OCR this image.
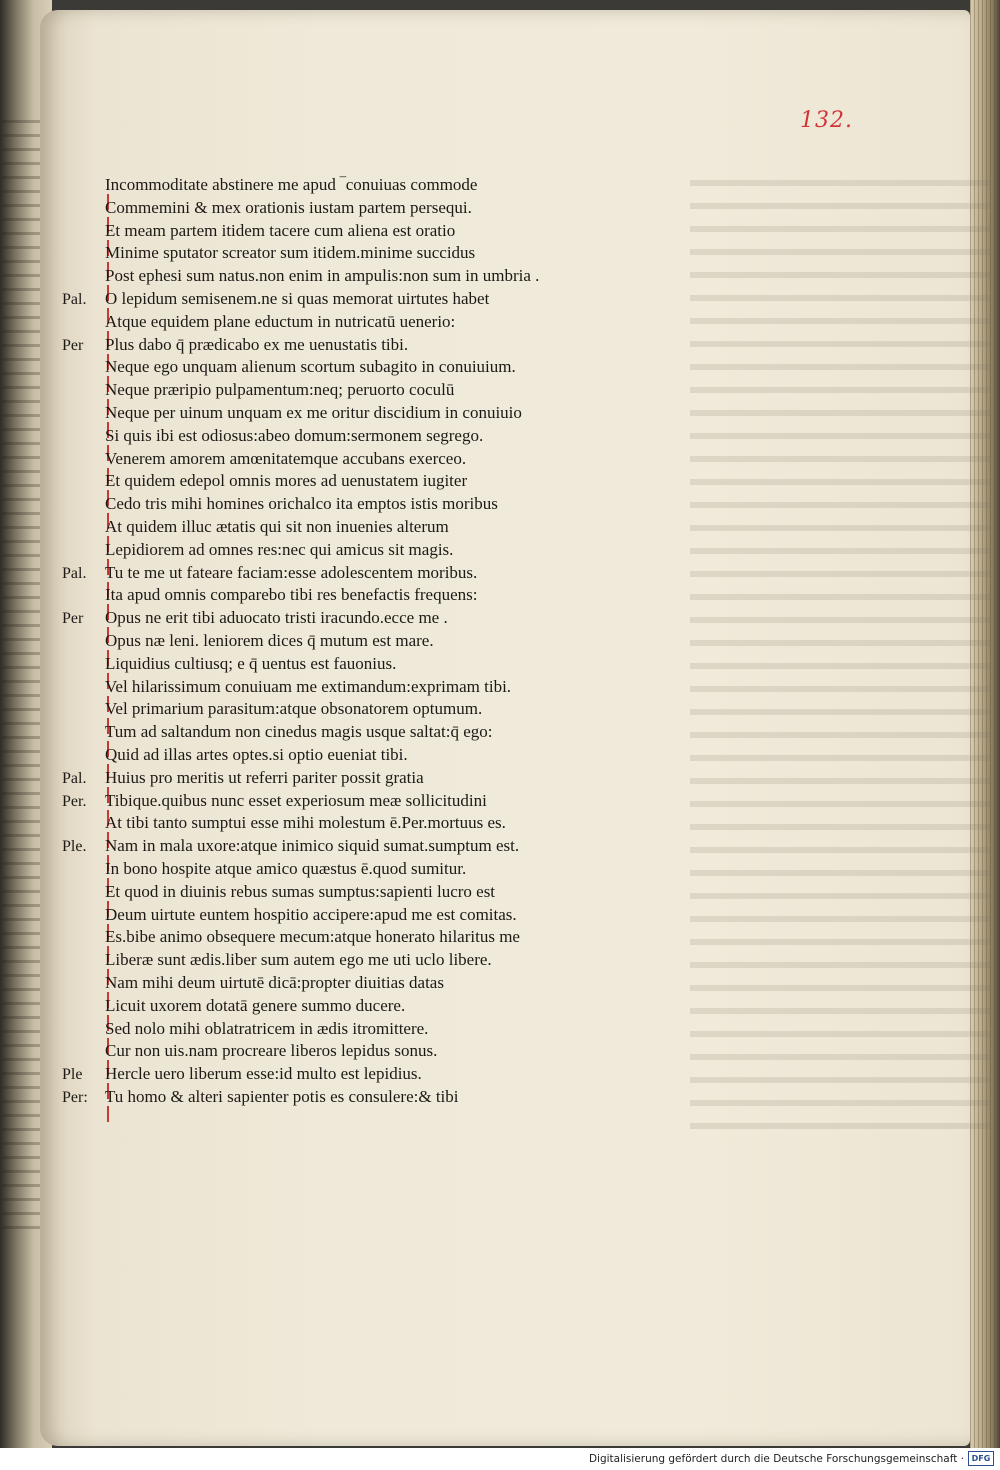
132.
Incommoditate abstinere me apud ‾conuiuas commode
Commemini & mex orationis iustam partem persequi.
Et meam partem itidem tacere cum aliena est oratio
Minime sputator screator sum itidem.minime succidus
Post ephesi sum natus.non enim in ampulis:non sum in umbria .
O lepidum semisenem.ne si quas memorat uirtutes habet
Atque equidem plane eductum in nutricatū uenerio:
Plus dabo q̄ prædicabo ex me uenustatis tibi.
Neque ego unquam alienum scortum subagito in conuiuium.
Neque præripio pulpamentum:neq; peruorto coculū
Neque per uinum unquam ex me oritur discidium in conuiuio
Si quis ibi est odiosus:abeo domum:sermonem segrego.
Venerem amorem amœnitatemque accubans exerceo.
Et quidem edepol omnis mores ad uenustatem iugiter
Cedo tris mihi homines orichalco ita emptos istis moribus
At quidem illuc ætatis qui sit non inuenies alterum
Lepidiorem ad omnes res:nec qui amicus sit magis.
Tu te me ut fateare faciam:esse adolescentem moribus.
Ita apud omnis comparebo tibi res benefactis frequens:
Opus ne erit tibi aduocato tristi iracundo.ecce me .
Opus næ leni. leniorem dices q̄ mutum est mare.
Liquidius cultiusq; e q̄ uentus est fauonius.
Vel hilarissimum conuiuam me extimandum:exprimam tibi.
Vel primarium parasitum:atque obsonatorem optumum.
Tum ad saltandum non cinedus magis usque saltat:q̄ ego:
Quid ad illas artes optes.si optio eueniat tibi.
Huius pro meritis ut referri pariter possit gratia
Tibique.quibus nunc esset experiosum meæ sollicitudini
At tibi tanto sumptui esse mihi molestum ē.Per.mortuus es.
Nam in mala uxore:atque inimico siquid sumat.sumptum est.
In bono hospite atque amico quæstus ē.quod sumitur.
Et quod in diuinis rebus sumas sumptus:sapienti lucro est
Deum uirtute euntem hospitio accipere:apud me est comitas.
Es.bibe animo obsequere mecum:atque honerato hilaritus me
Liberæ sunt ædis.liber sum autem ego me uti uclo libere.
Nam mihi deum uirtutē dicā:propter diuitias datas
Licuit uxorem dotatā genere summo ducere.
Sed nolo mihi oblatratricem in ædis itromittere.
Cur non uis.nam procreare liberos lepidus sonus.
Hercle uero liberum esse:id multo est lepidius.
Tu homo & alteri sapienter potis es consulere:& tibi
Pal.
Per
Pal.
Per
Pal.
Per.
Ple.
Ple
Per:
Digitalisierung gefördert durch die Deutsche Forschungsgemeinschaft · DFG
